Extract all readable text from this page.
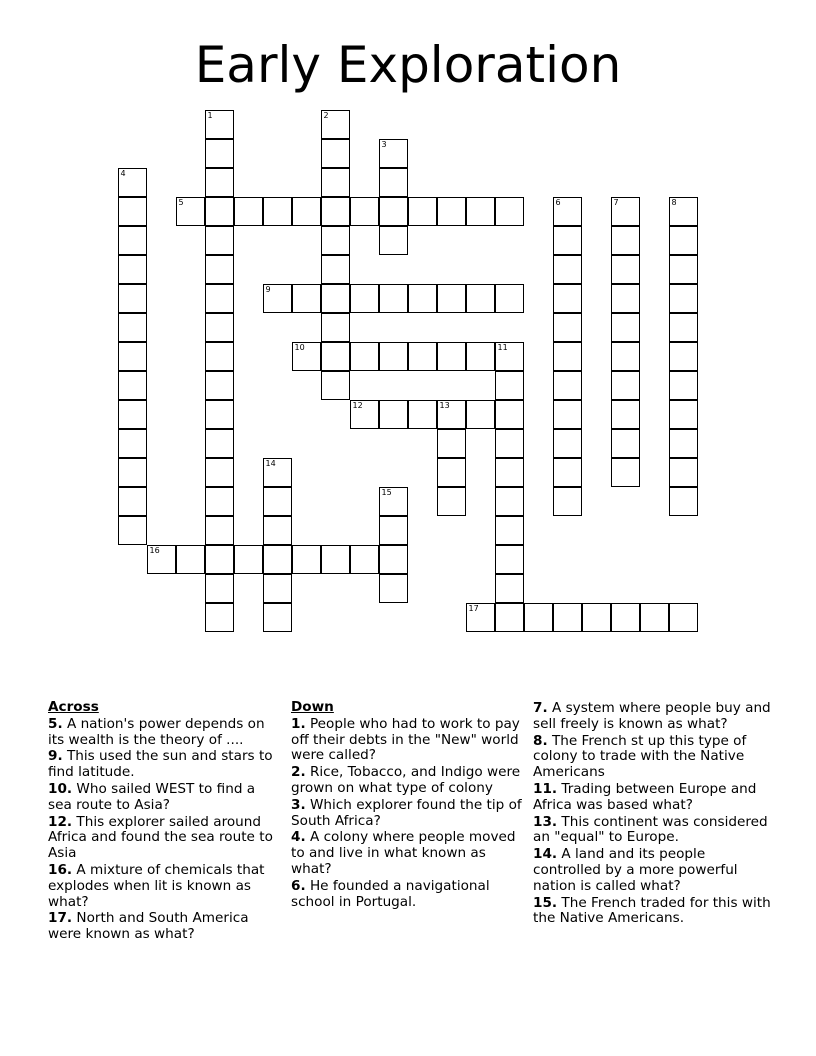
Early Exploration
1	2
3
4
5	6	7	8
9
10	11
12	13
14
15
16
17
Across
5. A nation's power depends on its wealth is the theory of ....
9. This used the sun and stars to find latitude.
10. Who sailed WEST to find a sea route to Asia?
12. This explorer sailed around Africa and found the sea route to Asia
16. A mixture of chemicals that explodes when lit is known as what?
17. North and South America were known as what?
Down
1. People who had to work to pay off their debts in the "New" world were called?
2. Rice, Tobacco, and Indigo were grown on what type of colony
3. Which explorer found the tip of South Africa?
4. A colony where people moved to and live in what known as what?
6. He founded a navigational school in Portugal.
7. A system where people buy and sell freely is known as what?
8. The French st up this type of colony to trade with the Native Americans
11. Trading between Europe and Africa was based what?
13. This continent was considered an "equal" to Europe.
14. A land and its people controlled by a more powerful nation is called what?
15. The French traded for this with the Native Americans.
